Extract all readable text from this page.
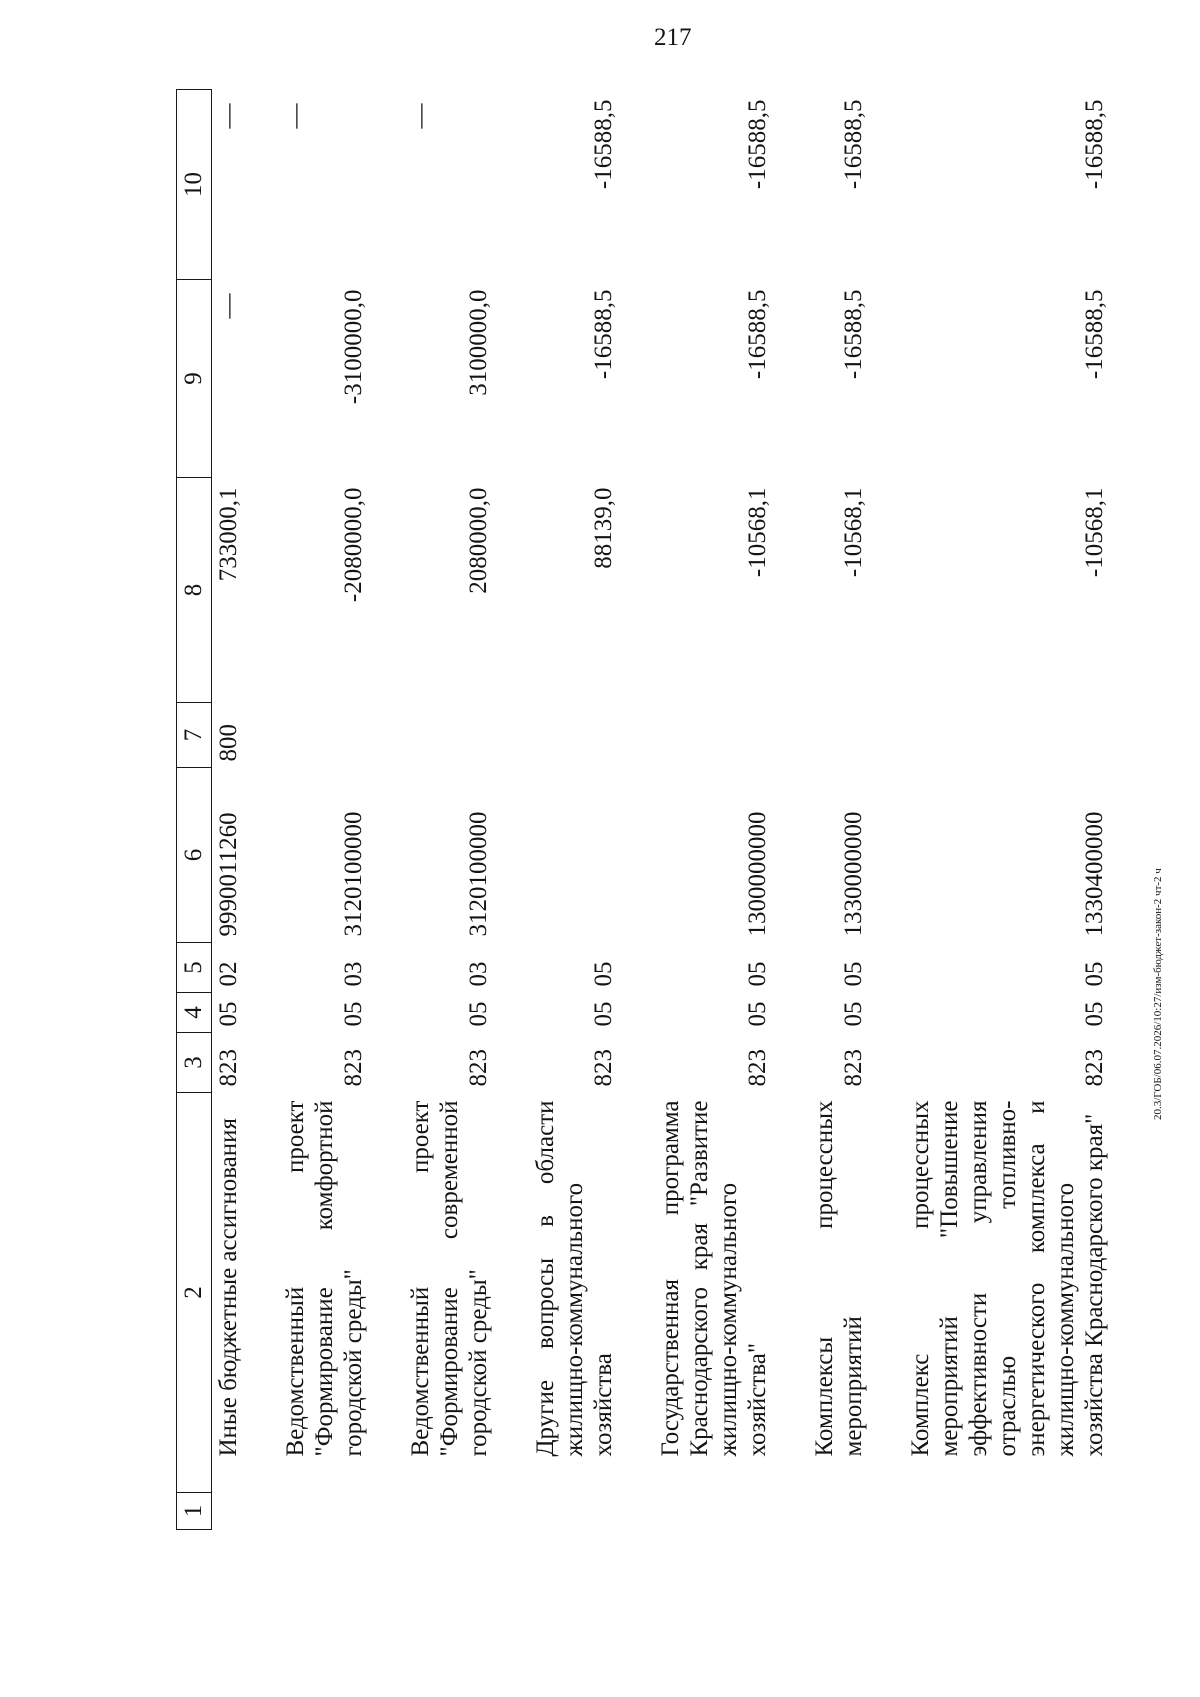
217
20.3/ГОБ/06.07.2026/10:27/изм-бюджет-закон-2 чт-2 ч
1	2	3	4	5	6	7	8	9	10
	Иные бюджетные ассигнования	823	05	02	9990011260	800	733000,1	—	—

	Ведомственный проект "Формирование комфортной городской среды"	823	05	03	3120100000		-2080000,0	-3100000,0	—

	Ведомственный проект "Формирование современной городской среды"	823	05	03	3120100000		2080000,0	3100000,0	—

	Другие вопросы в области жилищно-коммунального хозяйства	823	05	05			88139,0	-16588,5	-16588,5

	Государственная программа Краснодарского края "Развитие жилищно-коммунального хозяйства"	823	05	05	1300000000		-10568,1	-16588,5	-16588,5

	Комплексы процессных мероприятий	823	05	05	1330000000		-10568,1	-16588,5	-16588,5

	Комплекс процессных мероприятий "Повышение эффективности управления отраслью топливно-энергетического комплекса и жилищно-коммунального хозяйства Краснодарского края"	823	05	05	1330400000		-10568,1	-16588,5	-16588,5
